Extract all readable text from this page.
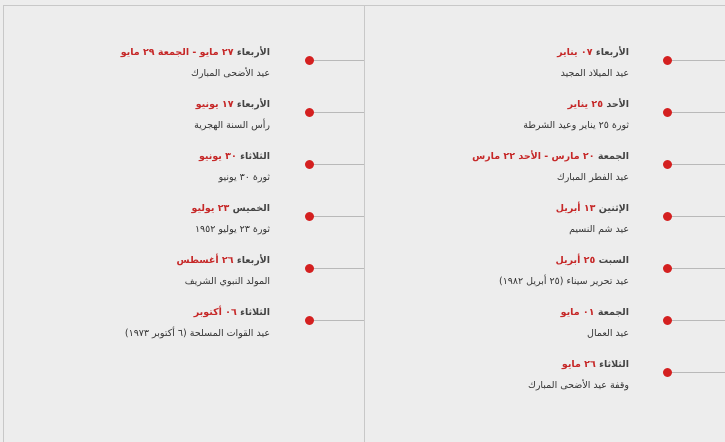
الأربعاء ٠٧ يناير
عيد الميلاد المجيد
الأحد ٢٥ يناير
ثورة ٢٥ يناير وعيد الشرطة
الجمعة ٢٠ مارس - الأحد ٢٢ مارس
عيد الفطر المبارك
الإثنين ١٣ أبريل
عيد شم النسيم
السبت ٢٥ أبريل
عيد تحرير سيناء (٢٥ أبريل ١٩٨٢)
الجمعة ٠١ مايو
عيد العمال
الثلاثاء ٢٦ مايو
وقفة عيد الأضحى المبارك
الأربعاء ٢٧ مايو - الجمعة ٢٩ مايو
عيد الأضحى المبارك
الأربعاء ١٧ يونيو
رأس السنة الهجرية
الثلاثاء ٣٠ يونيو
ثورة ٣٠ يونيو
الخميس ٢٣ يوليو
ثورة ٢٣ يوليو ١٩٥٢
الأربعاء ٢٦ أغسطس
المولد النبوي الشريف
الثلاثاء ٠٦ أكتوبر
عيد القوات المسلحة (٦ أكتوبر ١٩٧٣)
